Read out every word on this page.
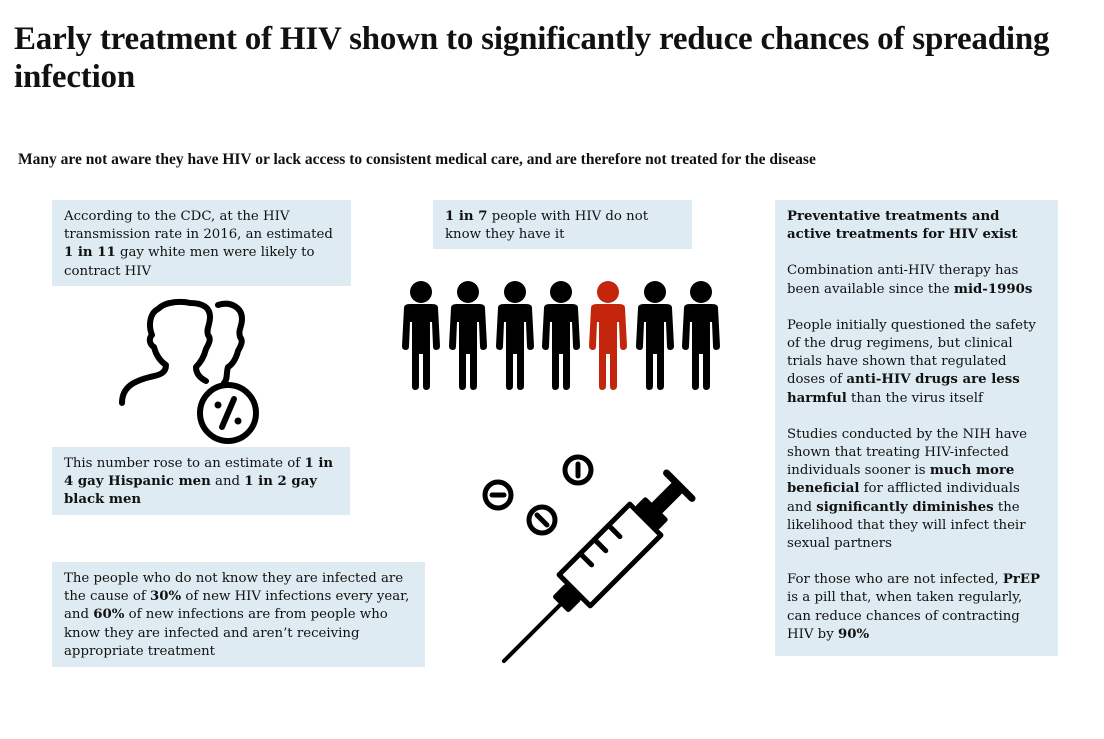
Early treatment of HIV shown to significantly reduce chances of spreading infection
Many are not aware they have HIV or lack access to consistent medical care, and are therefore not treated for the disease
According to the CDC, at the HIV transmission rate in 2016, an estimated 1 in 11 gay white men were likely to contract HIV
This number rose to an estimate of 1 in 4 gay Hispanic men and 1 in 2 gay black men
The people who do not know they are infected are the cause of 30% of new HIV infections every year, and 60% of new infections are from people who know they are infected and aren’t receiving appropriate treatment
1 in 7 people with HIV do not know they have it

Preventative treatments and active treatments for HIV exist

Combination anti-HIV therapy has been available since the mid-1990s

People initially questioned the safety of the drug regimens, but clinical trials have shown that regulated doses of anti-HIV drugs are less harmful than the virus itself

Studies conducted by the NIH have shown that treating HIV-infected individuals sooner is much more beneficial for afflicted individuals and significantly diminishes the likelihood that they will infect their sexual partners

For those who are not infected, PrEP is a pill that, when taken regularly, can reduce chances of contracting HIV by 90%
